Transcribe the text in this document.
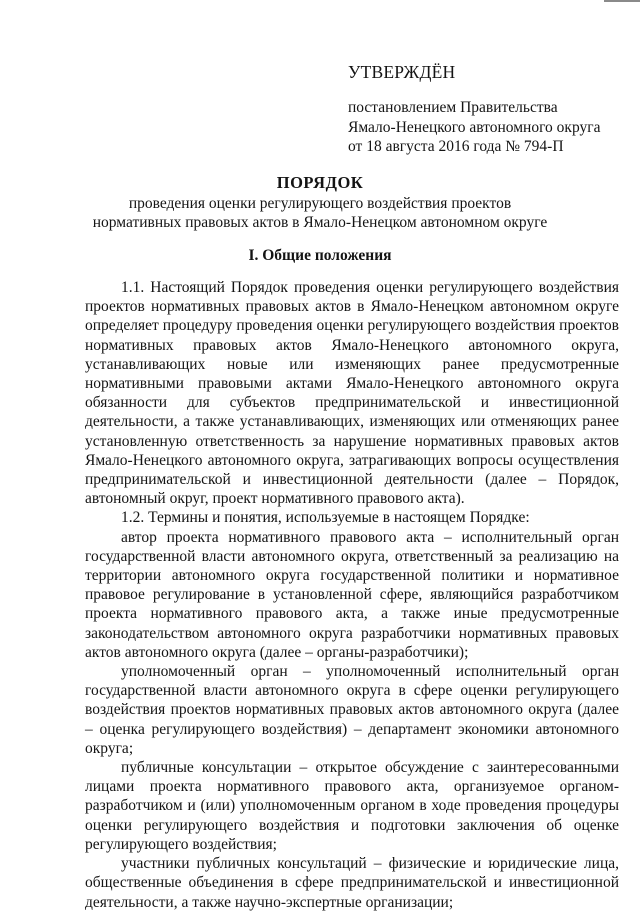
УТВЕРЖДЁН
постановлением Правительства
Ямало-Ненецкого автономного округа
от 18 августа 2016 года № 794-П
ПОРЯДОК
проведения оценки регулирующего воздействия проектов
нормативных правовых актов в Ямало-Ненецком автономном округе
I. Общие положения

1.1. Настоящий Порядок проведения оценки регулирующего воздействия проектов нормативных правовых актов в Ямало-Ненецком автономном округе определяет процедуру проведения оценки регулирующего воздействия проектов нормативных правовых актов Ямало-Ненецкого автономного округа, устанавливающих новые или изменяющих ранее предусмотренные нормативными правовыми актами Ямало-Ненецкого автономного округа обязанности для субъектов предпринимательской и инвестиционной деятельности, а также устанавливающих, изменяющих или отменяющих ранее установленную ответственность за нарушение нормативных правовых актов Ямало-Ненецкого автономного округа, затрагивающих вопросы осуществления предпринимательской и инвестиционной деятельности (далее – Порядок, автономный округ, проект нормативного правового акта).

1.2. Термины и понятия, используемые в настоящем Порядке:

автор проекта нормативного правового акта – исполнительный орган государственной власти автономного округа, ответственный за реализацию на территории автономного округа государственной политики и нормативное правовое регулирование в установленной сфере, являющийся разработчиком проекта нормативного правового акта, а также иные предусмотренные законодательством автономного округа разработчики нормативных правовых актов автономного округа (далее – органы-разработчики);

уполномоченный орган – уполномоченный исполнительный орган государственной власти автономного округа в сфере оценки регулирующего воздействия проектов нормативных правовых актов автономного округа (далее – оценка регулирующего воздействия) – департамент экономики автономного округа;

публичные консультации – открытое обсуждение с заинтересованными лицами проекта нормативного правового акта, организуемое органом-разработчиком и (или) уполномоченным органом в ходе проведения процедуры оценки регулирующего воздействия и подготовки заключения об оценке регулирующего воздействия;

участники публичных консультаций – физические и юридические лица, общественные объединения в сфере предпринимательской и инвестиционной деятельности, а также научно-экспертные организации;
